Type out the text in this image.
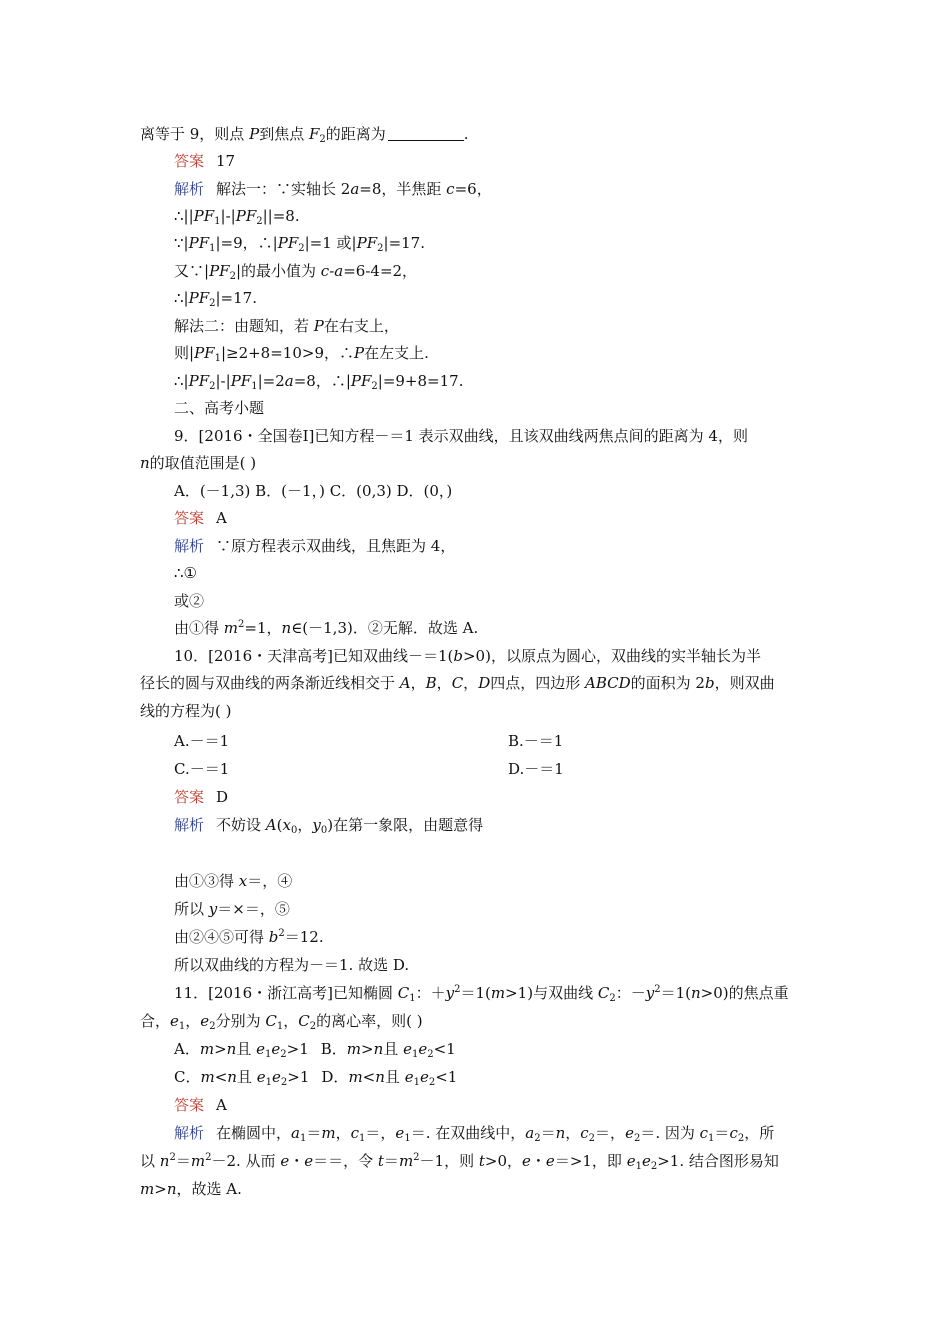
离等于 9，则点 P到焦点 $F_2$的距离为	.
答案 17
解析 解法一：∵实轴长 2a=8，半焦距 c=6，
$\therefore||PF_1|-|PF_2||=8$.
$\because|PF_1|=9$，$\therefore|PF_2|=1$ 或$|PF_2|=17$.
又$\because|PF_2|$的最小值为 c-a=6-4=2，
$\therefore|PF_2|=17$.
解法二：由题知，若 P在右支上，
则$|PF_1|\ge 2+8=10>9$，∴P在左支上.
$\therefore|PF_2|-|PF_1|=2a=8$，$\therefore|PF_2|=9+8=17$.
二、高考小题
9．[2016・全国卷Ⅰ]已知方程－＝1 表示双曲线，且该双曲线两焦点间的距离为 4，则
n的取值范围是( )
A．(－1,3) B．(－1，) C．(0,3) D．(0，)
答案 A
解析 ∵原方程表示双曲线，且焦距为 4，
∴①
或②
由①得 $m^2=1$，n∈(－1,3)．②无解．故选 A.
10．[2016・天津高考]已知双曲线－＝1(b>0)，以原点为圆心，双曲线的实半轴长为半
径长的圆与双曲线的两条渐近线相交于 A，B，C，D四点，四边形 ABCD的面积为 2b，则双曲
线的方程为( )
A.－＝1	B.－＝1
C.－＝1	D.－＝1
答案 D
解析 不妨设 $A(x_0$，$y_0$)在第一象限，由题意得
由①③得 x＝，④
所以 y＝×＝，⑤
由②④⑤可得 $b^2=12$.
所以双曲线的方程为－＝1. 故选 D.
11．[2016・浙江高考]已知椭圆 $C_1$：$+y^2=1(m>1)$与双曲线 $C_2$：$-y^2=1(n>0)$的焦点重
合，$e_1$，$e_2$分别为 $C_1$，$C_2$的离心率，则( )
A．m>n且 $e_1e_2>1$ B．m>n且 $e_1e_2<1$
C．m<n且 $e_1e_2>1$ D．m<n且 $e_1e_2<1$
答案 A
解析 在椭圆中，$a_1=m$，$c_1=$，$e_1=$. 在双曲线中，$a_2=n$，$c_2=$，$e_2=$. 因为 $c_1=c_2$，所
以 $n^2=m^2-2$. 从而 e・e＝＝，令 $t=m^2-1$，则 t>0，e・e＝>1，即 $e_1e_2>1$. 结合图形易知
m>n，故选 A.
